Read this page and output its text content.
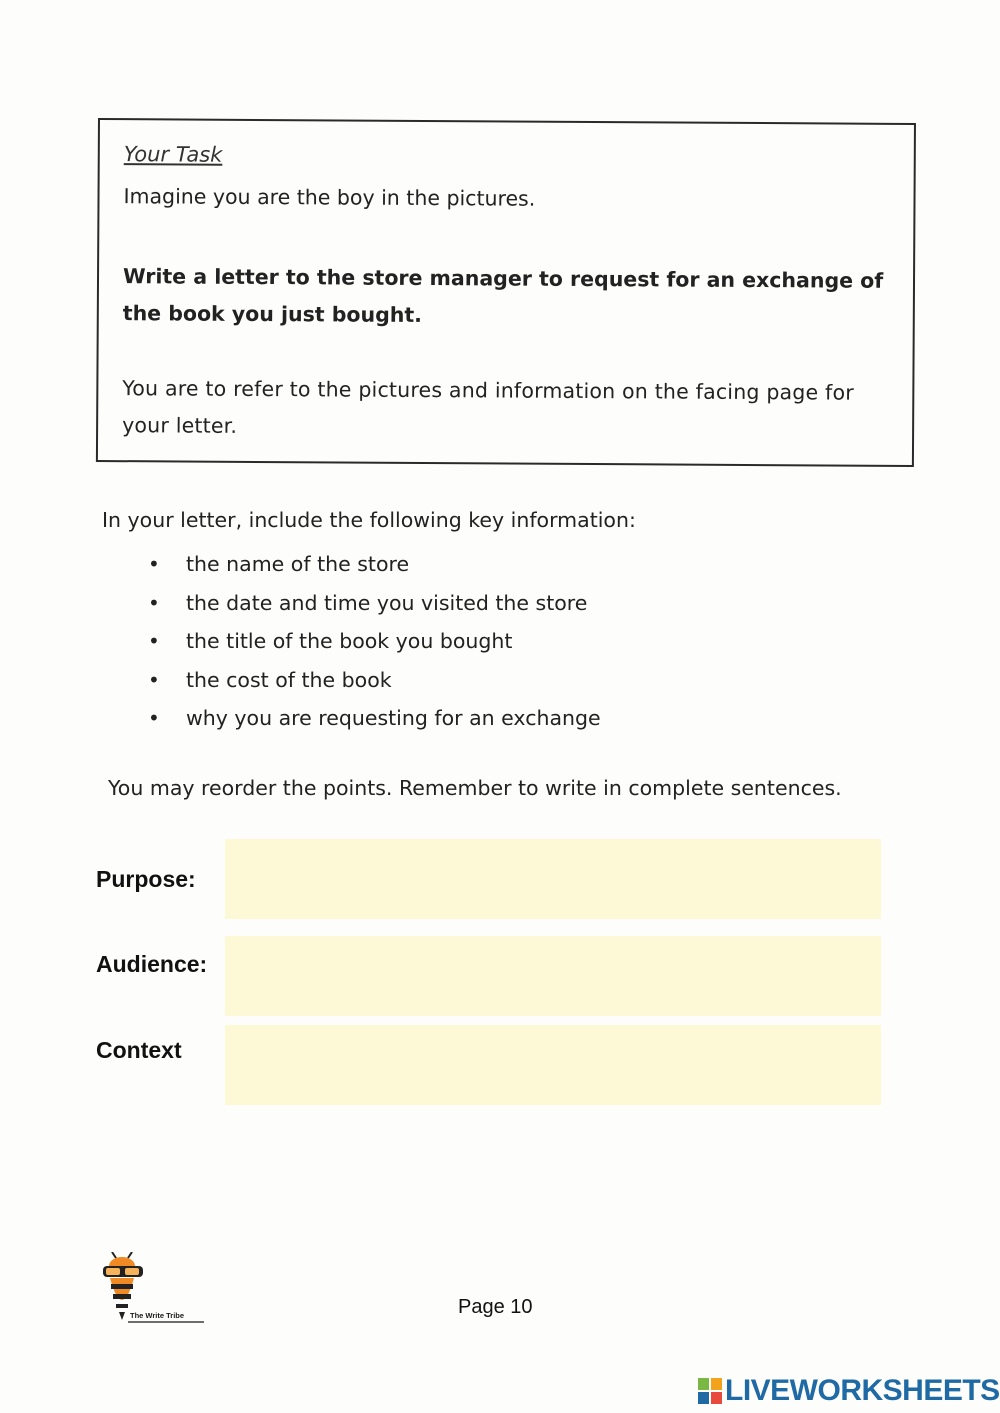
Your Task
Imagine you are the boy in the pictures.
Write a letter to the store manager to request for an exchange of the book you just bought.
You are to refer to the pictures and information on the facing page for your letter.
In your letter, include the following key information:
• the name of the store
• the date and time you visited the store
• the title of the book you bought
• the cost of the book
• why you are requesting for an exchange
You may reorder the points. Remember to write in complete sentences.
Purpose:
Audience:
Context
The Write Tribe	Page 10
LIVEWORKSHEETS
